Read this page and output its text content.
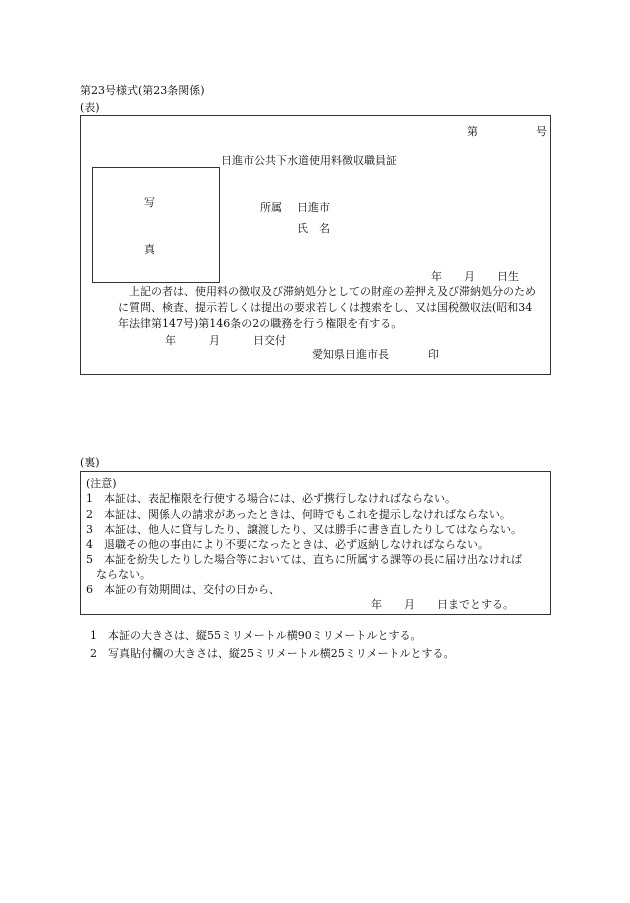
第23号様式(第23条関係)
(表)
第	号
日進市公共下水道使用料徴収職員証
写
真
所属 日進市
氏　名
年　　月　　日生
上記の者は、使用料の徴収及び滞納処分としての財産の差押え及び滞納処分のために質問、検査、提示若しくは提出の要求若しくは捜索をし、又は国税徴収法(昭和34年法律第147号)第146条の2の職務を行う権限を有する。
年　　　月　　　日交付
愛知県日進市長	印
(裏)
(注意)
1 本証は、表記権限を行使する場合には、必ず携行しなければならない。
2 本証は、関係人の請求があったときは、何時でもこれを提示しなければならない。
3 本証は、他人に貸与したり、譲渡したり、又は勝手に書き直したりしてはならない。
4 退職その他の事由により不要になったときは、必ず返納しなければならない。
5 本証を紛失したりした場合等においては、直ちに所属する課等の長に届け出なければ
ならない。
6 本証の有効期間は、交付の日から、
年　　月　　日までとする。
1 本証の大きさは、縦55ミリメートル横90ミリメートルとする。
2 写真貼付欄の大きさは、縦25ミリメートル横25ミリメートルとする。
